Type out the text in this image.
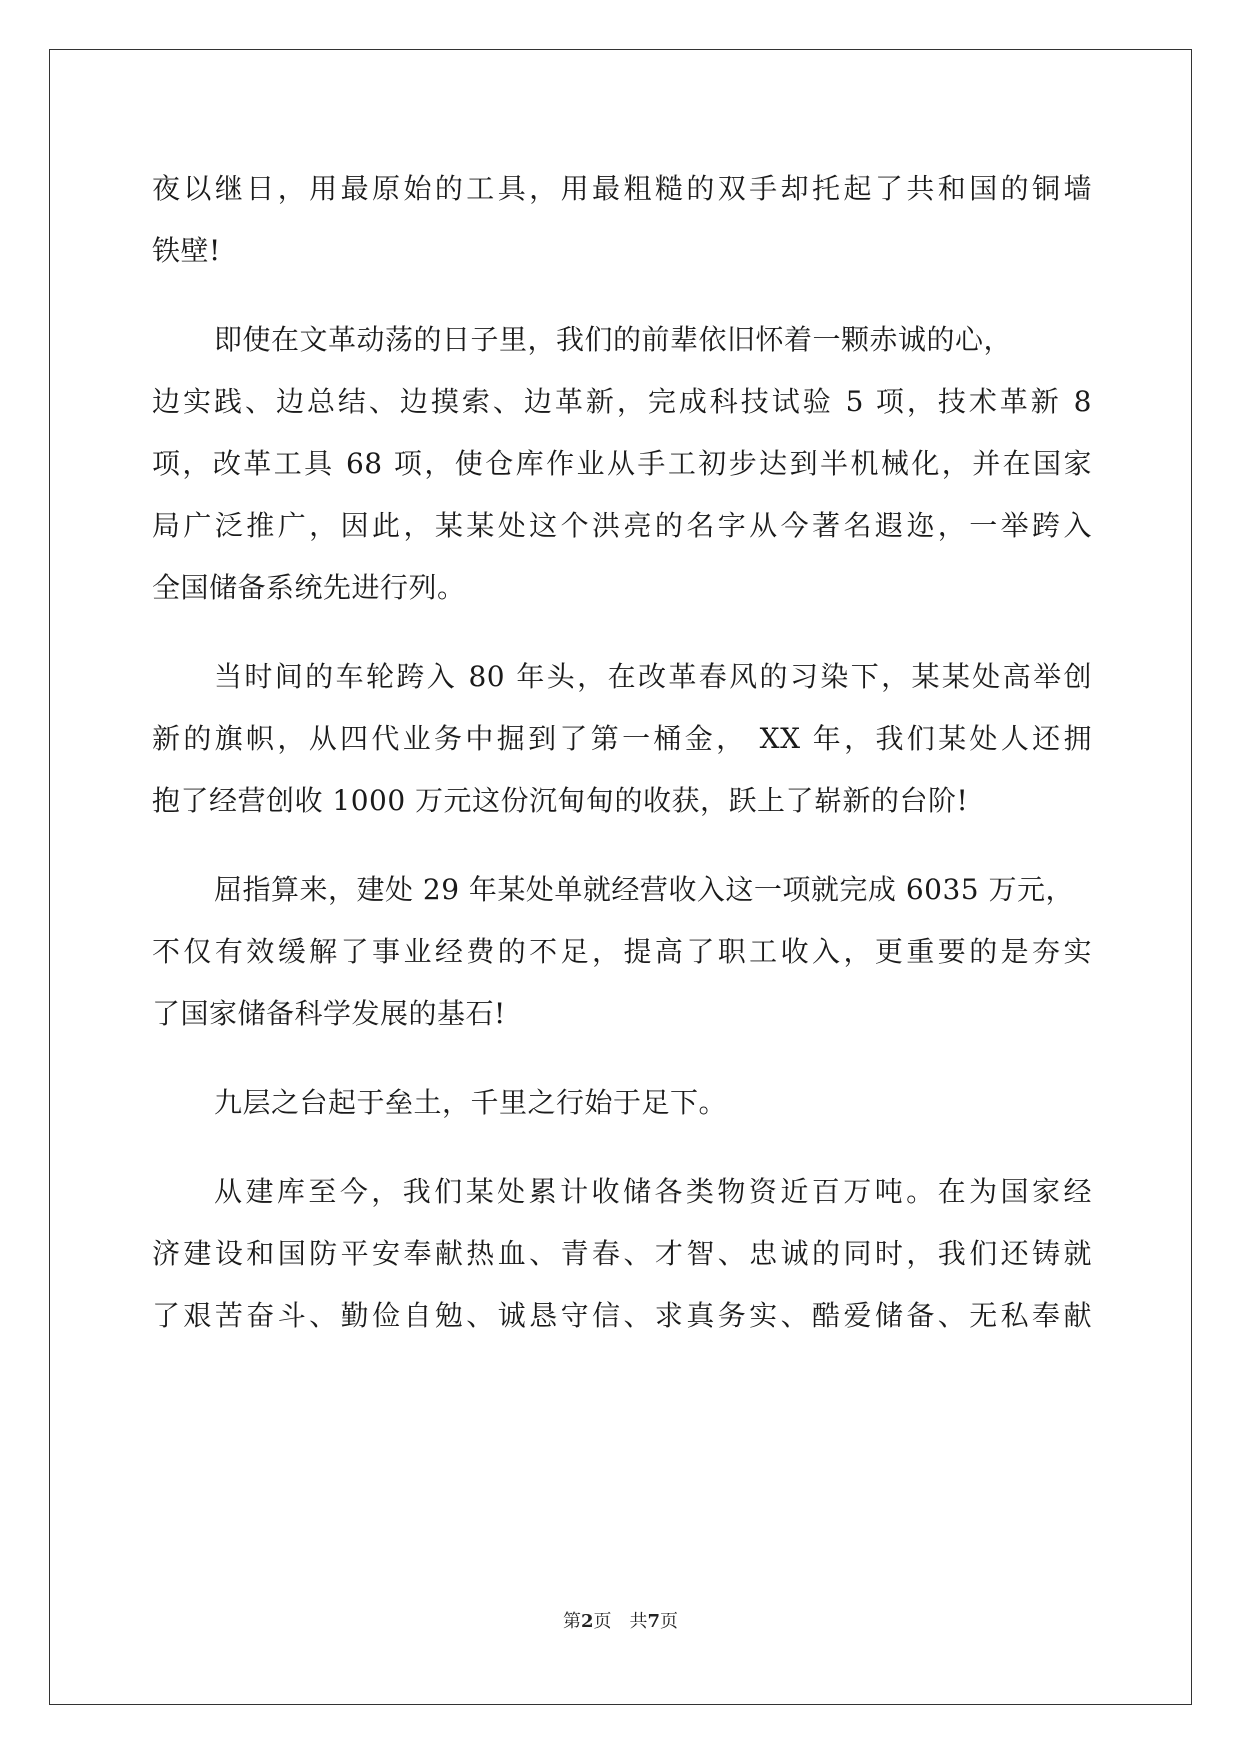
夜以继日，用最原始的工具，用最粗糙的双手却托起了共和国的铜墙
铁壁!
即使在文革动荡的日子里，我们的前辈依旧怀着一颗赤诚的心，
边实践、边总结、边摸索、边革新，完成科技试验 5 项，技术革新 8
项，改革工具 68 项，使仓库作业从手工初步达到半机械化，并在国家
局广泛推广，因此，某某处这个洪亮的名字从今著名遐迩，一举跨入
全国储备系统先进行列。
当时间的车轮跨入 80 年头，在改革春风的习染下，某某处高举创
新的旗帜，从四代业务中掘到了第一桶金， XX 年，我们某处人还拥
抱了经营创收 1000 万元这份沉甸甸的收获，跃上了崭新的台阶!
屈指算来，建处 29 年某处单就经营收入这一项就完成 6035 万元，
不仅有效缓解了事业经费的不足，提高了职工收入，更重要的是夯实
了国家储备科学发展的基石!
九层之台起于垒土，千里之行始于足下。
从建库至今，我们某处累计收储各类物资近百万吨。在为国家经
济建设和国防平安奉献热血、青春、才智、忠诚的同时，我们还铸就
了艰苦奋斗、勤俭自勉、诚恳守信、求真务实、酷爱储备、无私奉献
第2页 共7页
